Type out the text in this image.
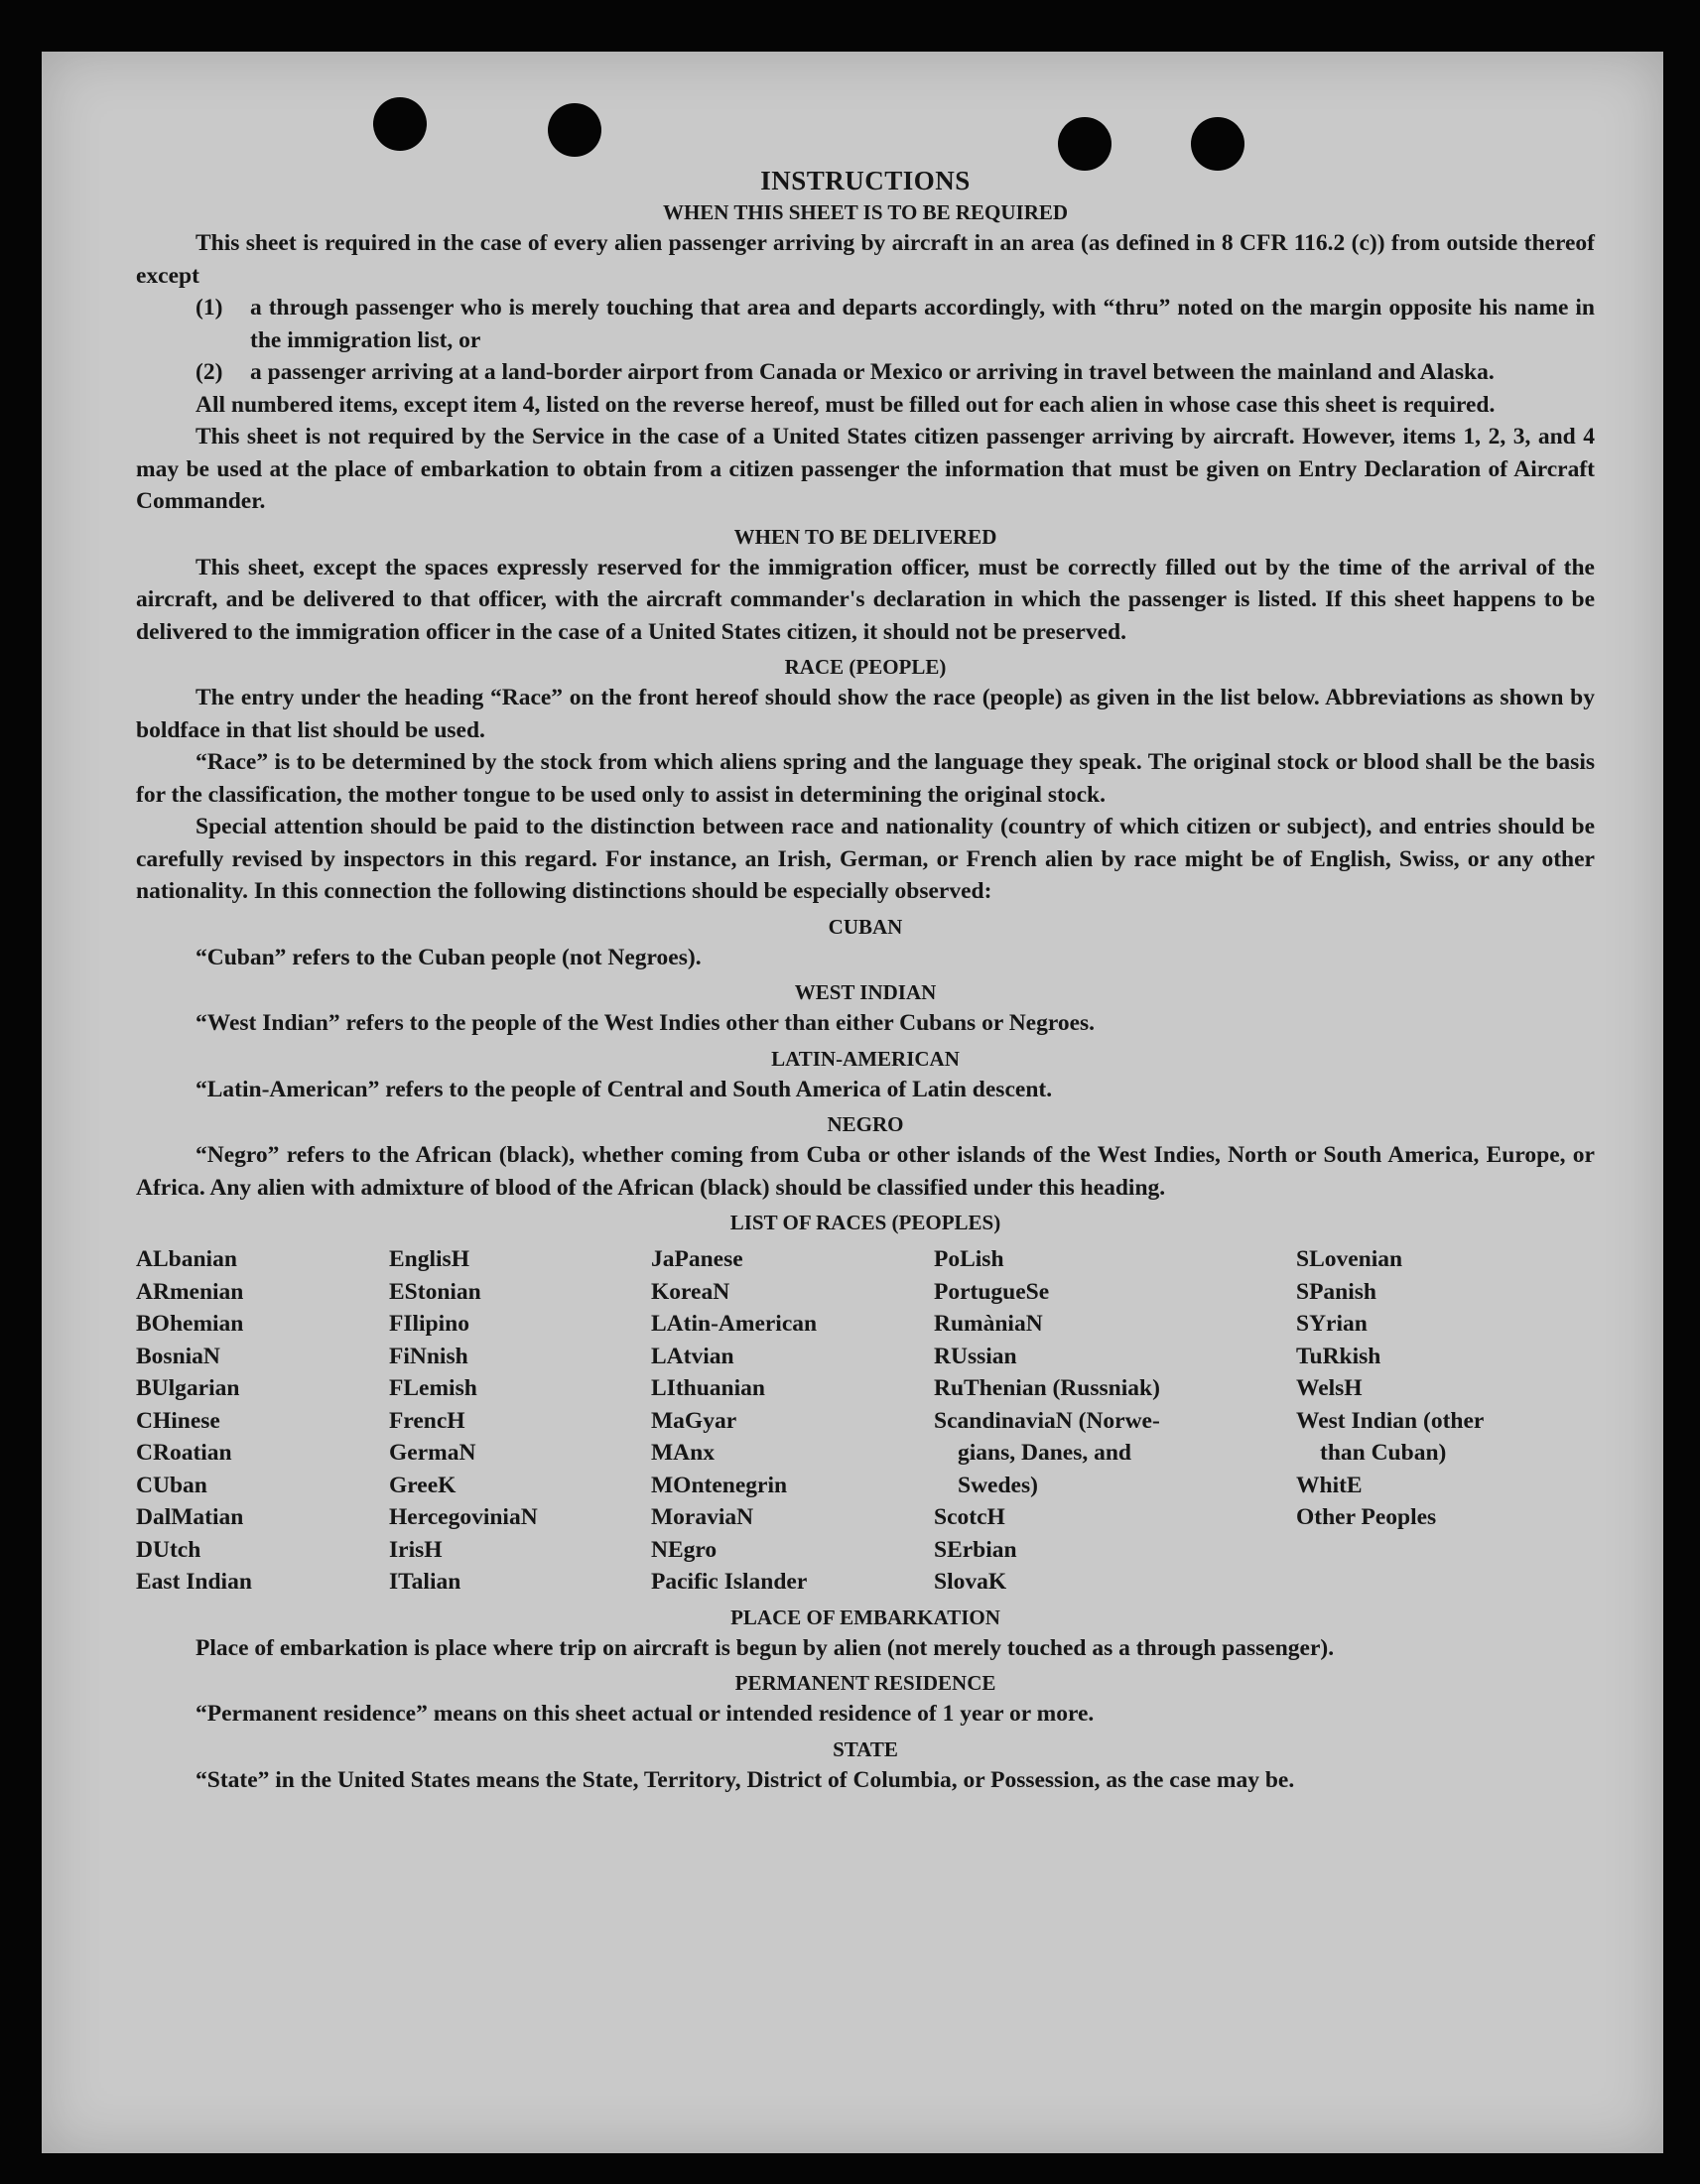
INSTRUCTIONS
WHEN THIS SHEET IS TO BE REQUIRED

This sheet is required in the case of every alien passenger arriving by aircraft in an area (as defined in 8 CFR 116.2 (c)) from outside thereof except

(1)	a through passenger who is merely touching that area and departs accordingly, with “thru” noted on the margin opposite his name in the immigration list, or
(2)	a passenger arriving at a land-border airport from Canada or Mexico or arriving in travel between the mainland and Alaska.

All numbered items, except item 4, listed on the reverse hereof, must be filled out for each alien in whose case this sheet is required.

This sheet is not required by the Service in the case of a United States citizen passenger arriving by aircraft. However, items 1, 2, 3, and 4 may be used at the place of embarkation to obtain from a citizen passenger the information that must be given on Entry Declaration of Aircraft Commander.

WHEN TO BE DELIVERED

This sheet, except the spaces expressly reserved for the immigration officer, must be correctly filled out by the time of the arrival of the aircraft, and be delivered to that officer, with the aircraft commander's declaration in which the passenger is listed. If this sheet happens to be delivered to the immigration officer in the case of a United States citizen, it should not be preserved.

RACE (PEOPLE)

The entry under the heading “Race” on the front hereof should show the race (people) as given in the list below. Abbreviations as shown by boldface in that list should be used.

“Race” is to be determined by the stock from which aliens spring and the language they speak. The original stock or blood shall be the basis for the classification, the mother tongue to be used only to assist in determining the original stock.

Special attention should be paid to the distinction between race and nationality (country of which citizen or subject), and entries should be carefully revised by inspectors in this regard. For instance, an Irish, German, or French alien by race might be of English, Swiss, or any other nationality. In this connection the following distinctions should be especially observed:

CUBAN

“Cuban” refers to the Cuban people (not Negroes).

WEST INDIAN

“West Indian” refers to the people of the West Indies other than either Cubans or Negroes.

LATIN-AMERICAN

“Latin-American” refers to the people of Central and South America of Latin descent.

NEGRO

“Negro” refers to the African (black), whether coming from Cuba or other islands of the West Indies, North or South America, Europe, or Africa. Any alien with admixture of blood of the African (black) should be classified under this heading.

LIST OF RACES (PEOPLES)
ALbanian
ARmenian
BOhemian
BosniaN
BUlgarian
CHinese
CRoatian
CUban
DalMatian
DUtch
East Indian
EnglisH
EStonian
FIlipino
FiNnish
FLemish
FrencH
GermaN
GreeK
HercegoviniaN
IrisH
ITalian
JaPanese
KoreaN
LAtin-American
LAtvian
LIthuanian
MaGyar
MAnx
MOntenegrin
MoraviaN
NEgro
Pacific Islander
PoLish
PortugueSe
RumàniaN
RUssian
RuThenian (Russniak)
ScandinaviaN (Norwe-
gians, Danes, and
Swedes)
ScotcH
SErbian
SlovaK
SLovenian
SPanish
SYrian
TuRkish
WelsH
West Indian (other
than Cuban)
WhitE
Other Peoples
PLACE OF EMBARKATION

Place of embarkation is place where trip on aircraft is begun by alien (not merely touched as a through passenger).

PERMANENT RESIDENCE

“Permanent residence” means on this sheet actual or intended residence of 1 year or more.

STATE

“State” in the United States means the State, Territory, District of Columbia, or Possession, as the case may be.
